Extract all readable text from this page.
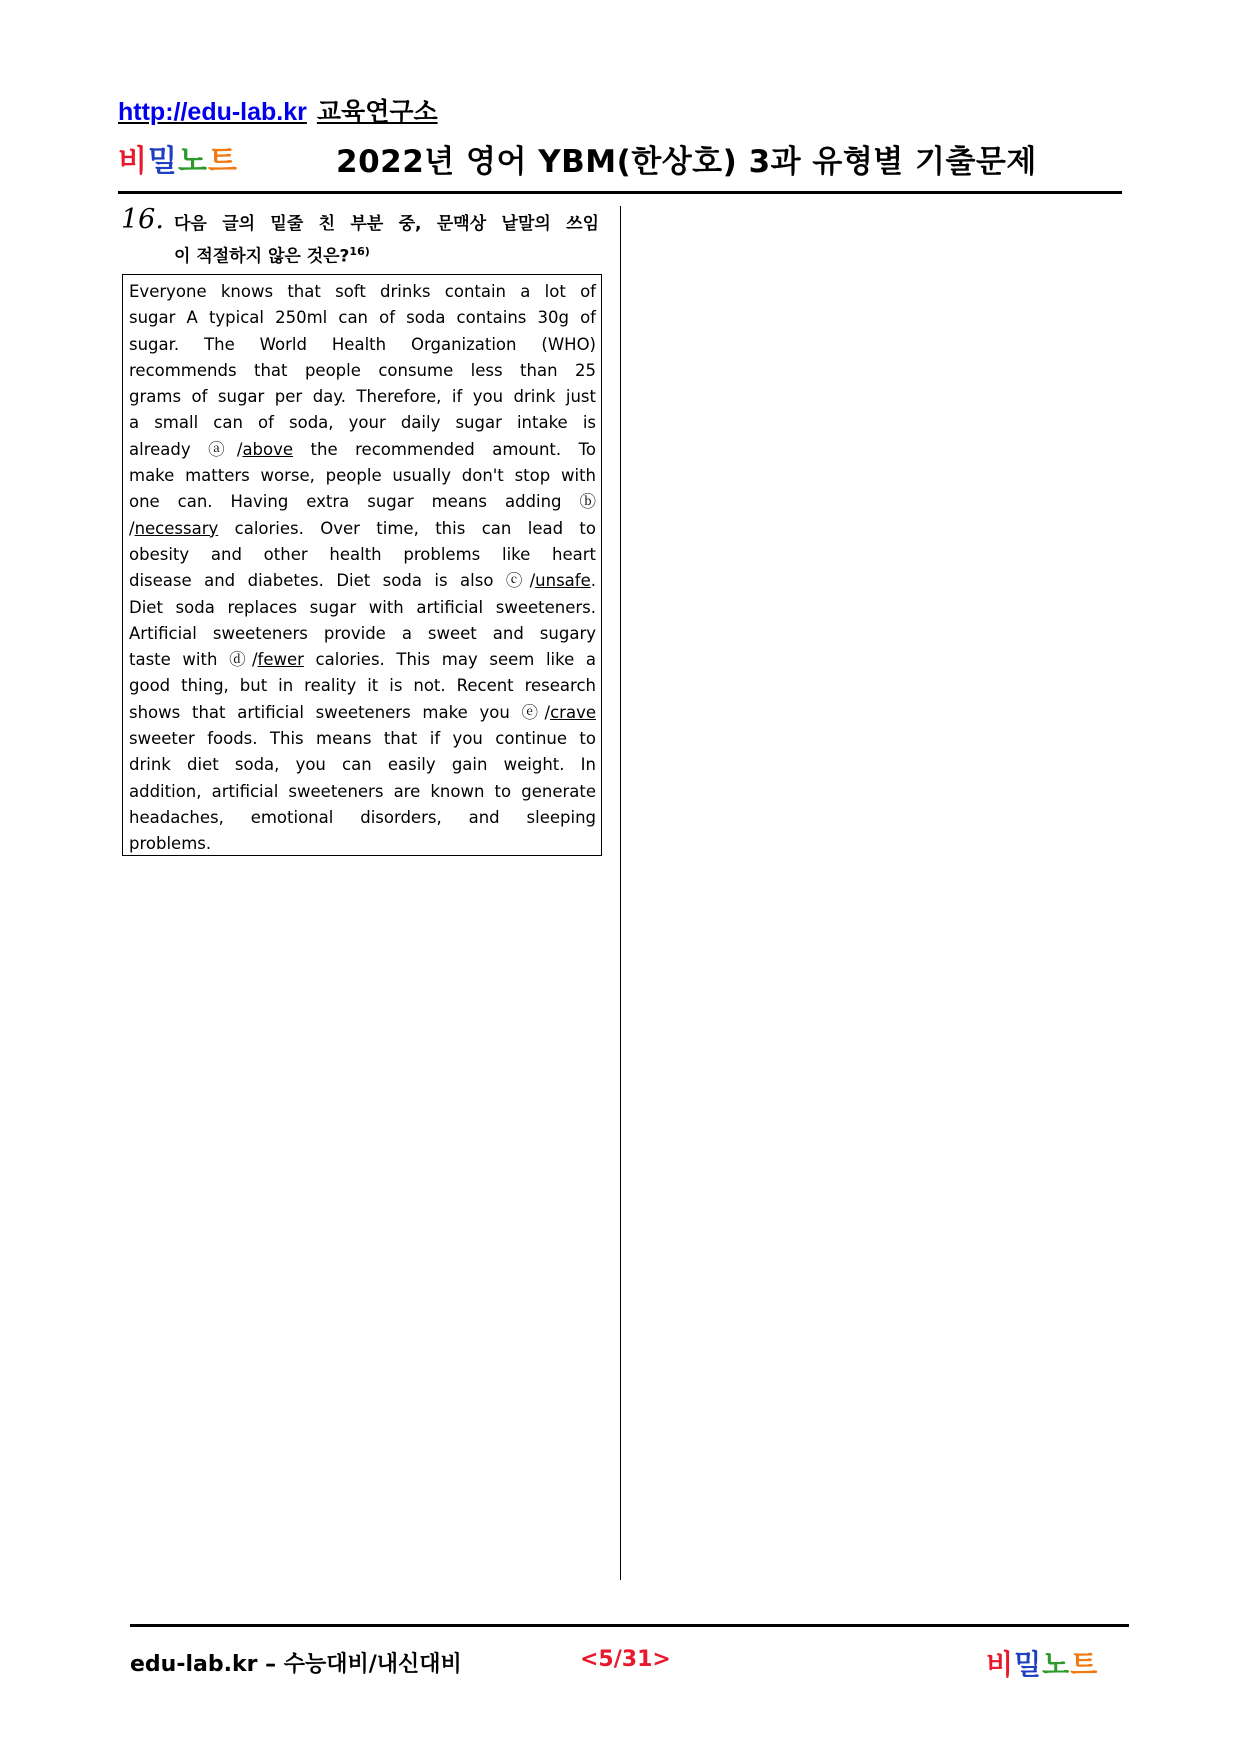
http://edu-lab.kr 교육연구소
비밀노트	2022년 영어 YBM(한상호) 3과 유형별 기출문제
16. 다음 글의 밑줄 친 부분 중, 문맥상 낱말의 쓰임
이 적절하지 않은 것은?$^{16)}$
Everyone knows that soft drinks contain a lot of
sugar A typical 250ml can of soda contains 30g of
sugar. The World Health Organization (WHO)
recommends that people consume less than 25
grams of sugar per day. Therefore, if you drink just
a small can of soda, your daily sugar intake is
already ⓐ/above the recommended amount. To
make matters worse, people usually don't stop with
one can. Having extra sugar means adding ⓑ
/necessary calories. Over time, this can lead to
obesity and other health problems like heart
disease and diabetes. Diet soda is also ⓒ/unsafe.
Diet soda replaces sugar with artificial sweeteners.
Artificial sweeteners provide a sweet and sugary
taste with ⓓ/fewer calories. This may seem like a
good thing, but in reality it is not. Recent research
shows that artificial sweeteners make you ⓔ/crave
sweeter foods. This means that if you continue to
drink diet soda, you can easily gain weight. In
addition, artificial sweeteners are known to generate
headaches, emotional disorders, and sleeping
problems.
edu-lab.kr – 수능대비/내신대비	<5/31>	비밀노트
